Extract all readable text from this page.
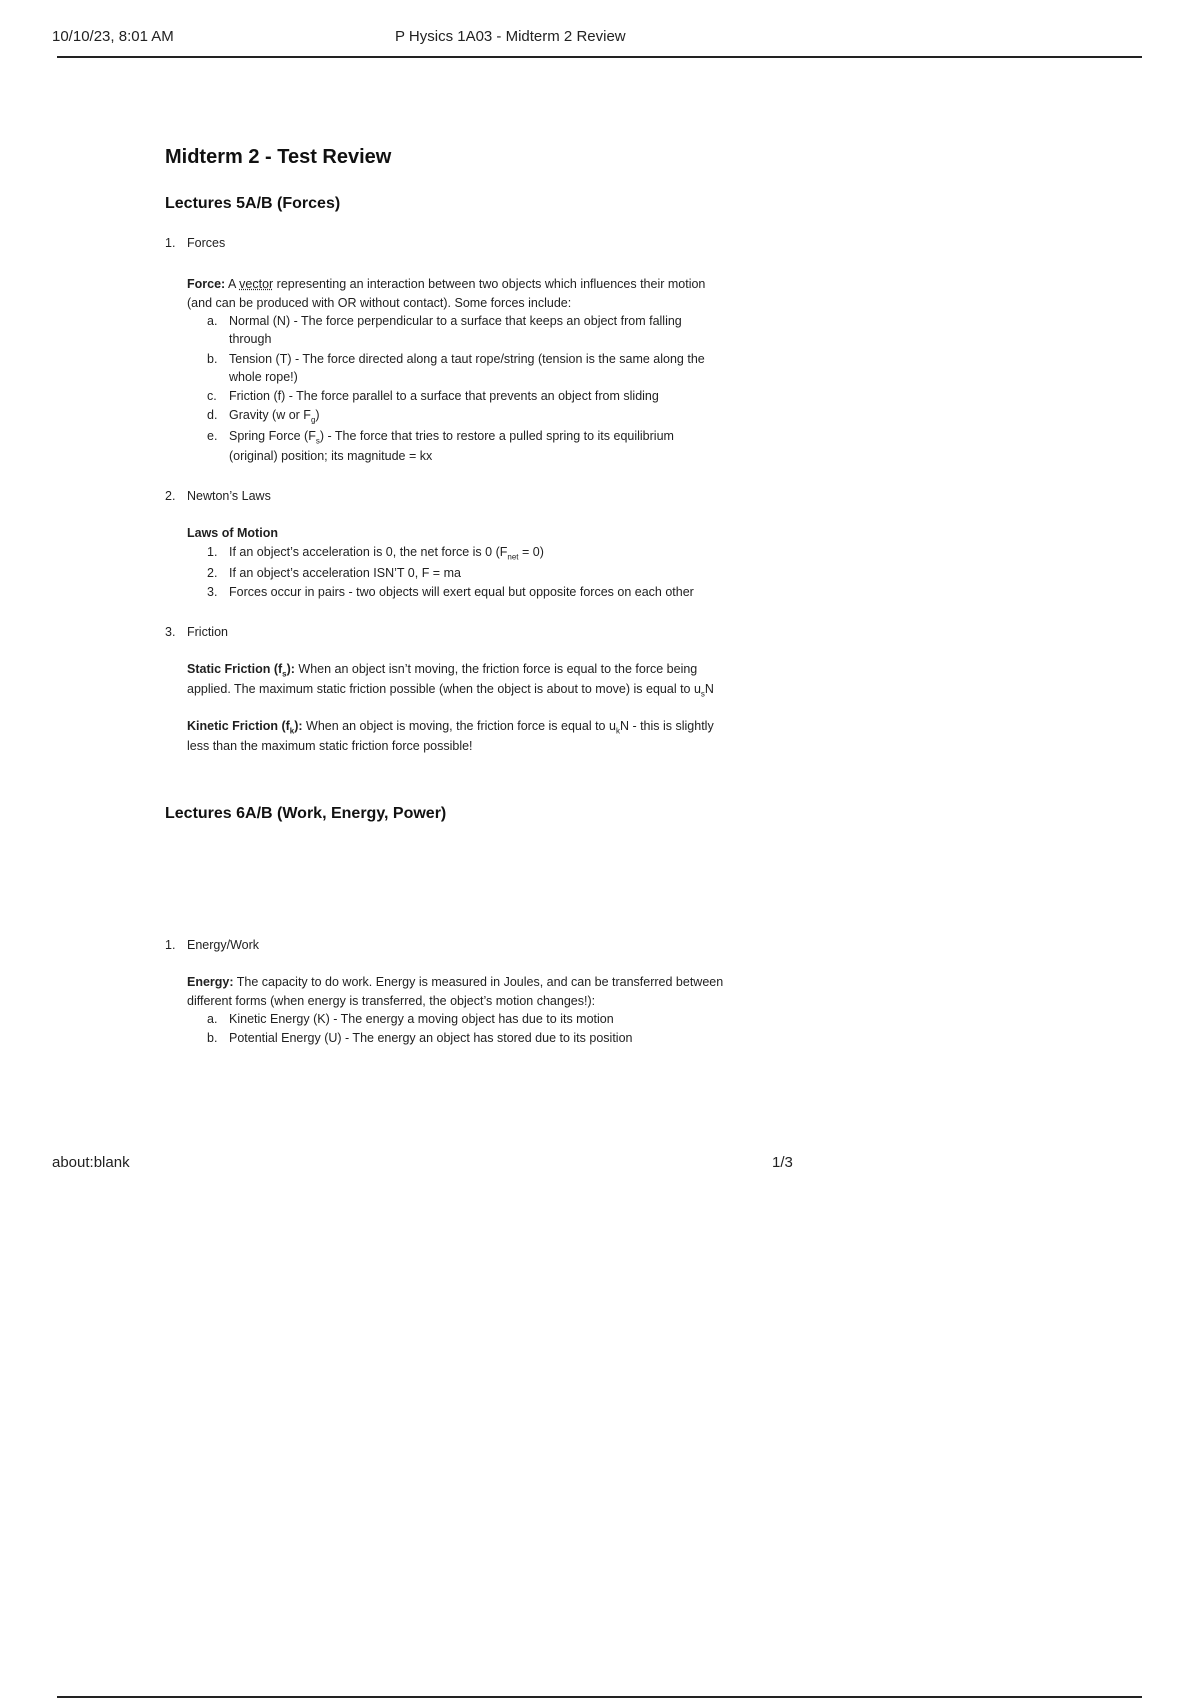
10/10/23, 8:01 AM	P Hysics 1A03 - Midterm 2 Review
Midterm 2 - Test Review
Lectures 5A/B (Forces)
1. Forces
Force: A vector representing an interaction between two objects which influences their motion (and can be produced with OR without contact). Some forces include:
a. Normal (N) - The force perpendicular to a surface that keeps an object from falling through
b. Tension (T) - The force directed along a taut rope/string (tension is the same along the whole rope!)
c. Friction (f) - The force parallel to a surface that prevents an object from sliding
d. Gravity (w or $F_g$)
e. Spring Force $(F_s)$ - The force that tries to restore a pulled spring to its equilibrium (original) position; its magnitude = kx
2. Newton’s Laws
Laws of Motion
1. If an object’s acceleration is 0, the net force is 0 $(F_{net} = 0)$
2. If an object’s acceleration ISN’T 0, F = ma
3. Forces occur in pairs - two objects will exert equal but opposite forces on each other
3. Friction
Static Friction $(f_s)$: When an object isn’t moving, the friction force is equal to the force being applied. The maximum static friction possible (when the object is about to move) is equal to $u_sN$
Kinetic Friction $(f_k)$: When an object is moving, the friction force is equal to $u_kN$ - this is slightly less than the maximum static friction force possible!
Lectures 6A/B (Work, Energy, Power)
1. Energy/Work
Energy: The capacity to do work. Energy is measured in Joules, and can be transferred between different forms (when energy is transferred, the object’s motion changes!):
a. Kinetic Energy (K) - The energy a moving object has due to its motion
b. Potential Energy (U) - The energy an object has stored due to its position
about:blank	1/3
